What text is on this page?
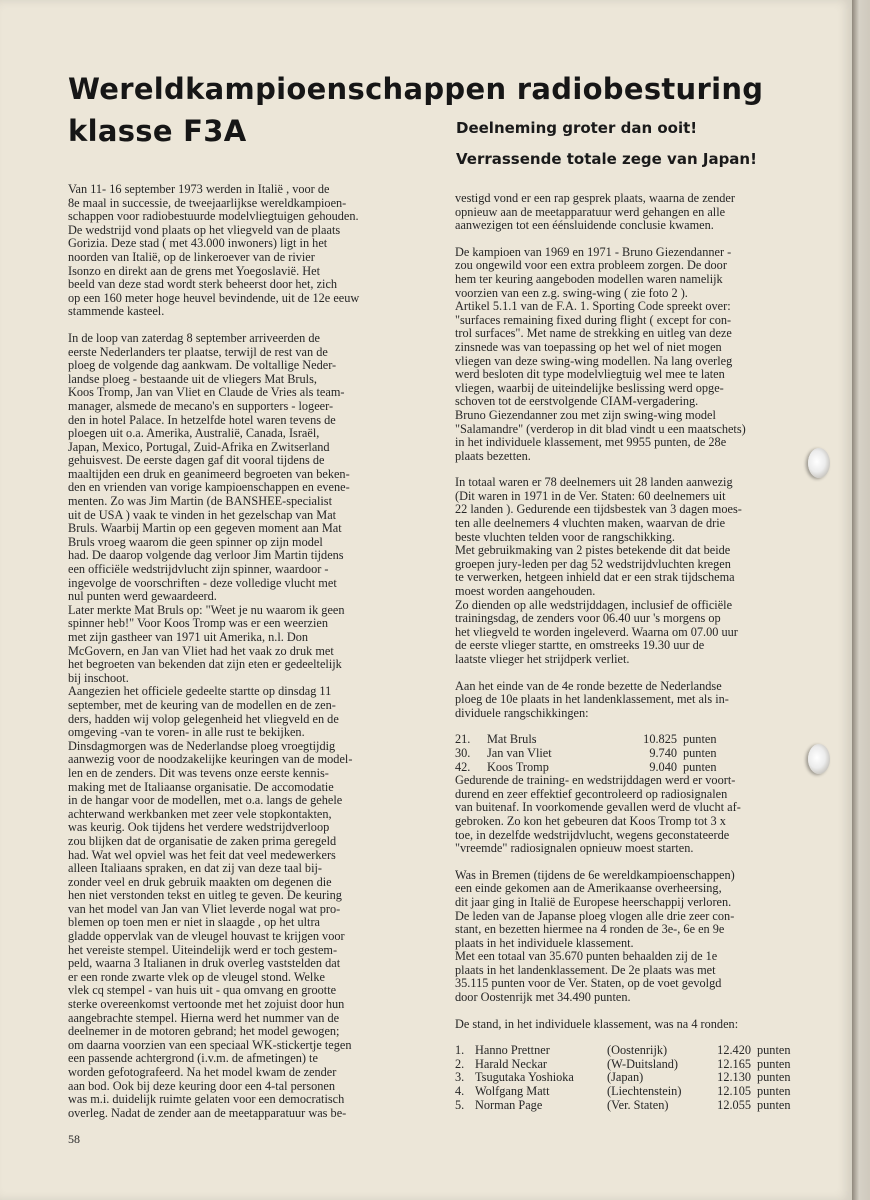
Wereldkampioenschappen radiobesturing klasse F3A	Deelneming groter dan ooit!
Verrassende totale zege van Japan!

Van 11- 16 september 1973 werden in Italië , voor de
8e maal in successie, de tweejaarlijkse wereldkampioen-
schappen voor radiobestuurde modelvliegtuigen gehouden.
De wedstrijd vond plaats op het vliegveld van de plaats
Gorizia. Deze stad ( met 43.000 inwoners) ligt in het
noorden van Italië, op de linkeroever van de rivier
Isonzo en direkt aan de grens met Yoegoslavië. Het
beeld van deze stad wordt sterk beheerst door het, zich
op een 160 meter hoge heuvel bevindende, uit de 12e eeuw
stammende kasteel.

In de loop van zaterdag 8 september arriveerden de
eerste Nederlanders ter plaatse, terwijl de rest van de
ploeg de volgende dag aankwam. De voltallige Neder-
landse ploeg - bestaande uit de vliegers Mat Bruls,
Koos Tromp, Jan van Vliet en Claude de Vries als team-
manager, alsmede de mecano's en supporters - logeer-
den in hotel Palace. In hetzelfde hotel waren tevens de
ploegen uit o.a. Amerika, Australië, Canada, Israël,
Japan, Mexico, Portugal, Zuid-Afrika en Zwitserland
gehuisvest. De eerste dagen gaf dit vooral tijdens de
maaltijden een druk en geanimeerd begroeten van beken-
den en vrienden van vorige kampioenschappen en evene-
menten. Zo was Jim Martin (de BANSHEE-specialist
uit de USA ) vaak te vinden in het gezelschap van Mat
Bruls. Waarbij Martin op een gegeven moment aan Mat
Bruls vroeg waarom die geen spinner op zijn model
had. De daarop volgende dag verloor Jim Martin tijdens
een officiële wedstrijdvlucht zijn spinner, waardoor -
ingevolge de voorschriften - deze volledige vlucht met
nul punten werd gewaardeerd.

Later merkte Mat Bruls op: "Weet je nu waarom ik geen
spinner heb!" Voor Koos Tromp was er een weerzien
met zijn gastheer van 1971 uit Amerika, n.l. Don
McGovern, en Jan van Vliet had het vaak zo druk met
het begroeten van bekenden dat zijn eten er gedeeltelijk
bij inschoot.

Aangezien het officiele gedeelte startte op dinsdag 11
september, met de keuring van de modellen en de zen-
ders, hadden wij volop gelegenheid het vliegveld en de
omgeving -van te voren- in alle rust te bekijken.

Dinsdagmorgen was de Nederlandse ploeg vroegtijdig
aanwezig voor de noodzakelijke keuringen van de model-
len en de zenders. Dit was tevens onze eerste kennis-
making met de Italiaanse organisatie. De accomodatie
in de hangar voor de modellen, met o.a. langs de gehele
achterwand werkbanken met zeer vele stopkontakten,
was keurig. Ook tijdens het verdere wedstrijdverloop
zou blijken dat de organisatie de zaken prima geregeld
had. Wat wel opviel was het feit dat veel medewerkers
alleen Italiaans spraken, en dat zij van deze taal bij-
zonder veel en druk gebruik maakten om degenen die
hen niet verstonden tekst en uitleg te geven. De keuring
van het model van Jan van Vliet leverde nogal wat pro-
blemen op toen men er niet in slaagde , op het ultra
gladde oppervlak van de vleugel houvast te krijgen voor
het vereiste stempel. Uiteindelijk werd er toch gestem-
peld, waarna 3 Italianen in druk overleg vaststelden dat
er een ronde zwarte vlek op de vleugel stond. Welke
vlek cq stempel - van huis uit - qua omvang en grootte
sterke overeenkomst vertoonde met het zojuist door hun
aangebrachte stempel. Hierna werd het nummer van de
deelnemer in de motoren gebrand; het model gewogen;
om daarna voorzien van een speciaal WK-stickertje tegen
een passende achtergrond (i.v.m. de afmetingen) te
worden gefotografeerd. Na het model kwam de zender
aan bod. Ook bij deze keuring door een 4-tal personen
was m.i. duidelijk ruimte gelaten voor een democratisch
overleg. Nadat de zender aan de meetapparatuur was be-

vestigd vond er een rap gesprek plaats, waarna de zender
opnieuw aan de meetapparatuur werd gehangen en alle
aanwezigen tot een éénsluidende conclusie kwamen.

De kampioen van 1969 en 1971 - Bruno Giezendanner -
zou ongewild voor een extra probleem zorgen. De door
hem ter keuring aangeboden modellen waren namelijk
voorzien van een z.g. swing-wing ( zie foto 2 ).
Artikel 5.1.1 van de F.A. 1. Sporting Code spreekt over:
"surfaces remaining fixed during flight ( except for con-
trol surfaces". Met name de strekking en uitleg van deze
zinsnede was van toepassing op het wel of niet mogen
vliegen van deze swing-wing modellen. Na lang overleg
werd besloten dit type modelvliegtuig wel mee te laten
vliegen, waarbij de uiteindelijke beslissing werd opge-
schoven tot de eerstvolgende CIAM-vergadering.
Bruno Giezendanner zou met zijn swing-wing model
"Salamandre" (verderop in dit blad vindt u een maatschets)
in het individuele klassement, met 9955 punten, de 28e
plaats bezetten.

In totaal waren er 78 deelnemers uit 28 landen aanwezig
(Dit waren in 1971 in de Ver. Staten: 60 deelnemers uit
22 landen ). Gedurende een tijdsbestek van 3 dagen moes-
ten alle deelnemers 4 vluchten maken, waarvan de drie
beste vluchten telden voor de rangschikking.
Met gebruikmaking van 2 pistes betekende dit dat beide
groepen jury-leden per dag 52 wedstrijdvluchten kregen
te verwerken, hetgeen inhield dat er een strak tijdschema
moest worden aangehouden.
Zo dienden op alle wedstrijddagen, inclusief de officiële
trainingsdag, de zenders voor 06.40 uur 's morgens op
het vliegveld te worden ingeleverd. Waarna om 07.00 uur
de eerste vlieger startte, en omstreeks 19.30 uur de
laatste vlieger het strijdperk verliet.

Aan het einde van de 4e ronde bezette de Nederlandse
ploeg de 10e plaats in het landenklassement, met als in-
dividuele rangschikkingen:

21.	Mat Bruls	10.825	punten
30.	Jan van Vliet	9.740	punten
42.	Koos Tromp	9.040	punten

Gedurende de training- en wedstrijddagen werd er voort-
durend en zeer effektief gecontroleerd op radiosignalen
van buitenaf. In voorkomende gevallen werd de vlucht af-
gebroken. Zo kon het gebeuren dat Koos Tromp tot 3 x
toe, in dezelfde wedstrijdvlucht, wegens geconstateerde
"vreemde" radiosignalen opnieuw moest starten.

Was in Bremen (tijdens de 6e wereldkampioenschappen)
een einde gekomen aan de Amerikaanse overheersing,
dit jaar ging in Italië de Europese heerschappij verloren.
De leden van de Japanse ploeg vlogen alle drie zeer con-
stant, en bezetten hiermee na 4 ronden de 3e-, 6e en 9e
plaats in het individuele klassement.
Met een totaal van 35.670 punten behaalden zij de 1e
plaats in het landenklassement. De 2e plaats was met
35.115 punten voor de Ver. Staten, op de voet gevolgd
door Oostenrijk met 34.490 punten.

De stand, in het individuele klassement, was na 4 ronden:

1.	Hanno Prettner	(Oostenrijk)	12.420	punten
2.	Harald Neckar	(W-Duitsland)	12.165	punten
3.	Tsugutaka Yoshioka	(Japan)	12.130	punten
4.	Wolfgang Matt	(Liechtenstein)	12.105	punten
5.	Norman Page	(Ver. Staten)	12.055	punten
58
